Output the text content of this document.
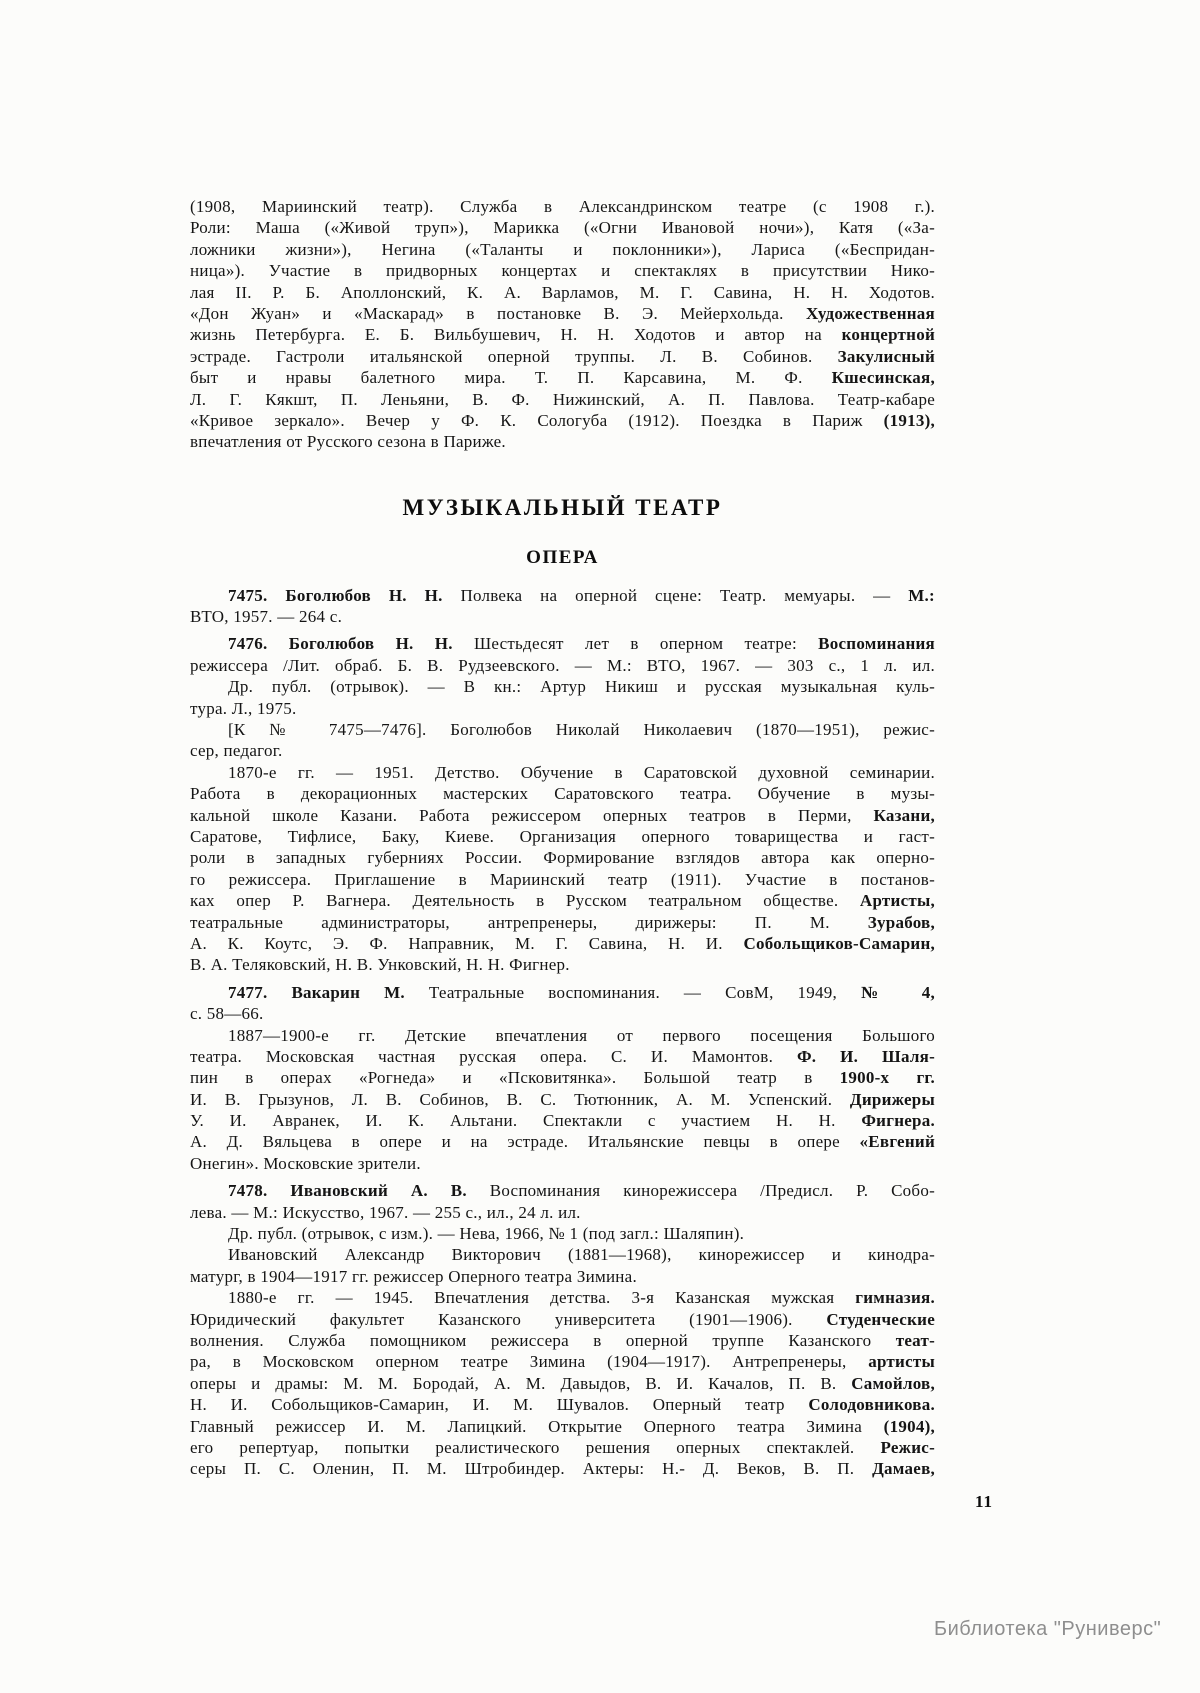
(1908, Мариинский театр). Служба в Александринском театре (с 1908 г.).
Роли: Маша («Живой труп»), Марикка («Огни Ивановой ночи»), Катя («За-
ложники жизни»), Негина («Таланты и поклонники»), Лариса («Беспридан-
ница»). Участие в придворных концертах и спектаклях в присутствии Нико-
лая II. Р. Б. Аполлонский, К. А. Варламов, М. Г. Савина, Н. Н. Ходотов.
«Дон Жуан» и «Маскарад» в постановке В. Э. Мейерхольда. Художественная
жизнь Петербурга. Е. Б. Вильбушевич, Н. Н. Ходотов и автор на концертной
эстраде. Гастроли итальянской оперной труппы. Л. В. Собинов. Закулисный
быт и нравы балетного мира. Т. П. Карсавина, М. Ф. Кшесинская,
Л. Г. Кякшт, П. Леньяни, В. Ф. Нижинский, А. П. Павлова. Театр-кабаре
«Кривое зеркало». Вечер у Ф. К. Сологуба (1912). Поездка в Париж (1913),
впечатления от Русского сезона в Париже.
МУЗЫКАЛЬНЫЙ ТЕАТР
ОПЕРА
7475. Боголюбов Н. Н. Полвека на оперной сцене: Театр. мемуары. — М.:
ВТО, 1957. — 264 с.
7476. Боголюбов Н. Н. Шестьдесят лет в оперном театре: Воспоминания
режиссера /Лит. обраб. Б. В. Рудзеевского. — М.: ВТО, 1967. — 303 с., 1 л. ил.
Др. публ. (отрывок). — В кн.: Артур Никиш и русская музыкальная куль-
тура. Л., 1975.
[К № 7475—7476]. Боголюбов Николай Николаевич (1870—1951), режис-
сер, педагог.
1870-е гг. — 1951. Детство. Обучение в Саратовской духовной семинарии.
Работа в декорационных мастерских Саратовского театра. Обучение в музы-
кальной школе Казани. Работа режиссером оперных театров в Перми, Казани,
Саратове, Тифлисе, Баку, Киеве. Организация оперного товарищества и гаст-
роли в западных губерниях России. Формирование взглядов автора как оперно-
го режиссера. Приглашение в Мариинский театр (1911). Участие в постанов-
ках опер Р. Вагнера. Деятельность в Русском театральном обществе. Артисты,
театральные администраторы, антрепренеры, дирижеры: П. М. Зурабов,
А. К. Коутс, Э. Ф. Направник, М. Г. Савина, Н. И. Собольщиков-Самарин,
В. А. Теляковский, Н. В. Унковский, Н. Н. Фигнер.
7477. Вакарин М. Театральные воспоминания. — СовМ, 1949, № 4,
с. 58—66.
1887—1900-е гг. Детские впечатления от первого посещения Большого
театра. Московская частная русская опера. С. И. Мамонтов. Ф. И. Шаля-
пин в операх «Рогнеда» и «Псковитянка». Большой театр в 1900-х гг.
И. В. Грызунов, Л. В. Собинов, В. С. Тютюнник, А. М. Успенский. Дирижеры
У. И. Авранек, И. К. Альтани. Спектакли с участием Н. Н. Фигнера.
А. Д. Вяльцева в опере и на эстраде. Итальянские певцы в опере «Евгений
Онегин». Московские зрители.
7478. Ивановский А. В. Воспоминания кинорежиссера /Предисл. Р. Собо-
лева. — М.: Искусство, 1967. — 255 с., ил., 24 л. ил.
Др. публ. (отрывок, с изм.). — Нева, 1966, № 1 (под загл.: Шаляпин).
Ивановский Александр Викторович (1881—1968), кинорежиссер и кинодра-
матург, в 1904—1917 гг. режиссер Оперного театра Зимина.
1880-е гг. — 1945. Впечатления детства. 3-я Казанская мужская гимназия.
Юридический факультет Казанского университета (1901—1906). Студенческие
волнения. Служба помощником режиссера в оперной труппе Казанского теат-
ра, в Московском оперном театре Зимина (1904—1917). Антрепренеры, артисты
оперы и драмы: М. М. Бородай, А. М. Давыдов, В. И. Качалов, П. В. Самойлов,
Н. И. Собольщиков-Самарин, И. М. Шувалов. Оперный театр Солодовникова.
Главный режиссер И. М. Лапицкий. Открытие Оперного театра Зимина (1904),
его репертуар, попытки реалистического решения оперных спектаклей. Режис-
серы П. С. Оленин, П. М. Штробиндер. Актеры: Н.- Д. Веков, В. П. Дамаев,
11
Библиотека "Руниверс"
